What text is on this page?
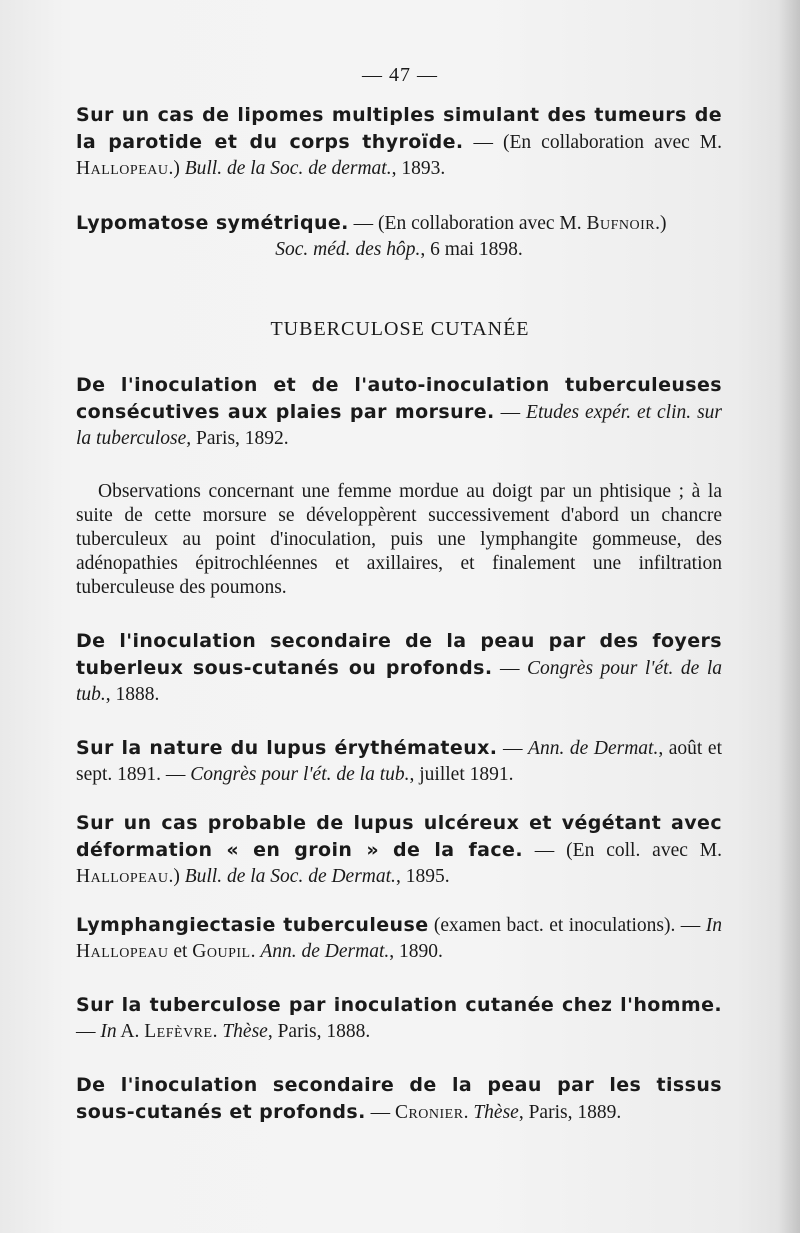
— 47 —
Sur un cas de lipomes multiples simulant des tumeurs de la parotide et du corps thyroïde. — (En collaboration avec M. Hallopeau.) Bull. de la Soc. de dermat., 1893.
Lypomatose symétrique. — (En collaboration avec M. Bufnoir.)
Soc. méd. des hôp., 6 mai 1898.
TUBERCULOSE CUTANÉE
De l'inoculation et de l'auto-inoculation tuberculeuses consécutives aux plaies par morsure. — Etudes expér. et clin. sur la tuberculose, Paris, 1892.
Observations concernant une femme mordue au doigt par un phtisique ; à la suite de cette morsure se développèrent successivement d'abord un chancre tuberculeux au point d'inoculation, puis une lymphangite gommeuse, des adénopathies épitrochléennes et axillaires, et finalement une infiltration tuberculeuse des poumons.
De l'inoculation secondaire de la peau par des foyers tuberleux sous-cutanés ou profonds. — Congrès pour l'ét. de la tub., 1888.
Sur la nature du lupus érythémateux. — Ann. de Dermat., août et sept. 1891. — Congrès pour l'ét. de la tub., juillet 1891.
Sur un cas probable de lupus ulcéreux et végétant avec déformation « en groin » de la face. — (En coll. avec M. Hallopeau.) Bull. de la Soc. de Dermat., 1895.
Lymphangiectasie tuberculeuse (examen bact. et inoculations). — In Hallopeau et Goupil. Ann. de Dermat., 1890.
Sur la tuberculose par inoculation cutanée chez l'homme. — In A. Lefèvre. Thèse, Paris, 1888.
De l'inoculation secondaire de la peau par les tissus sous-cutanés et profonds. — Cronier. Thèse, Paris, 1889.
